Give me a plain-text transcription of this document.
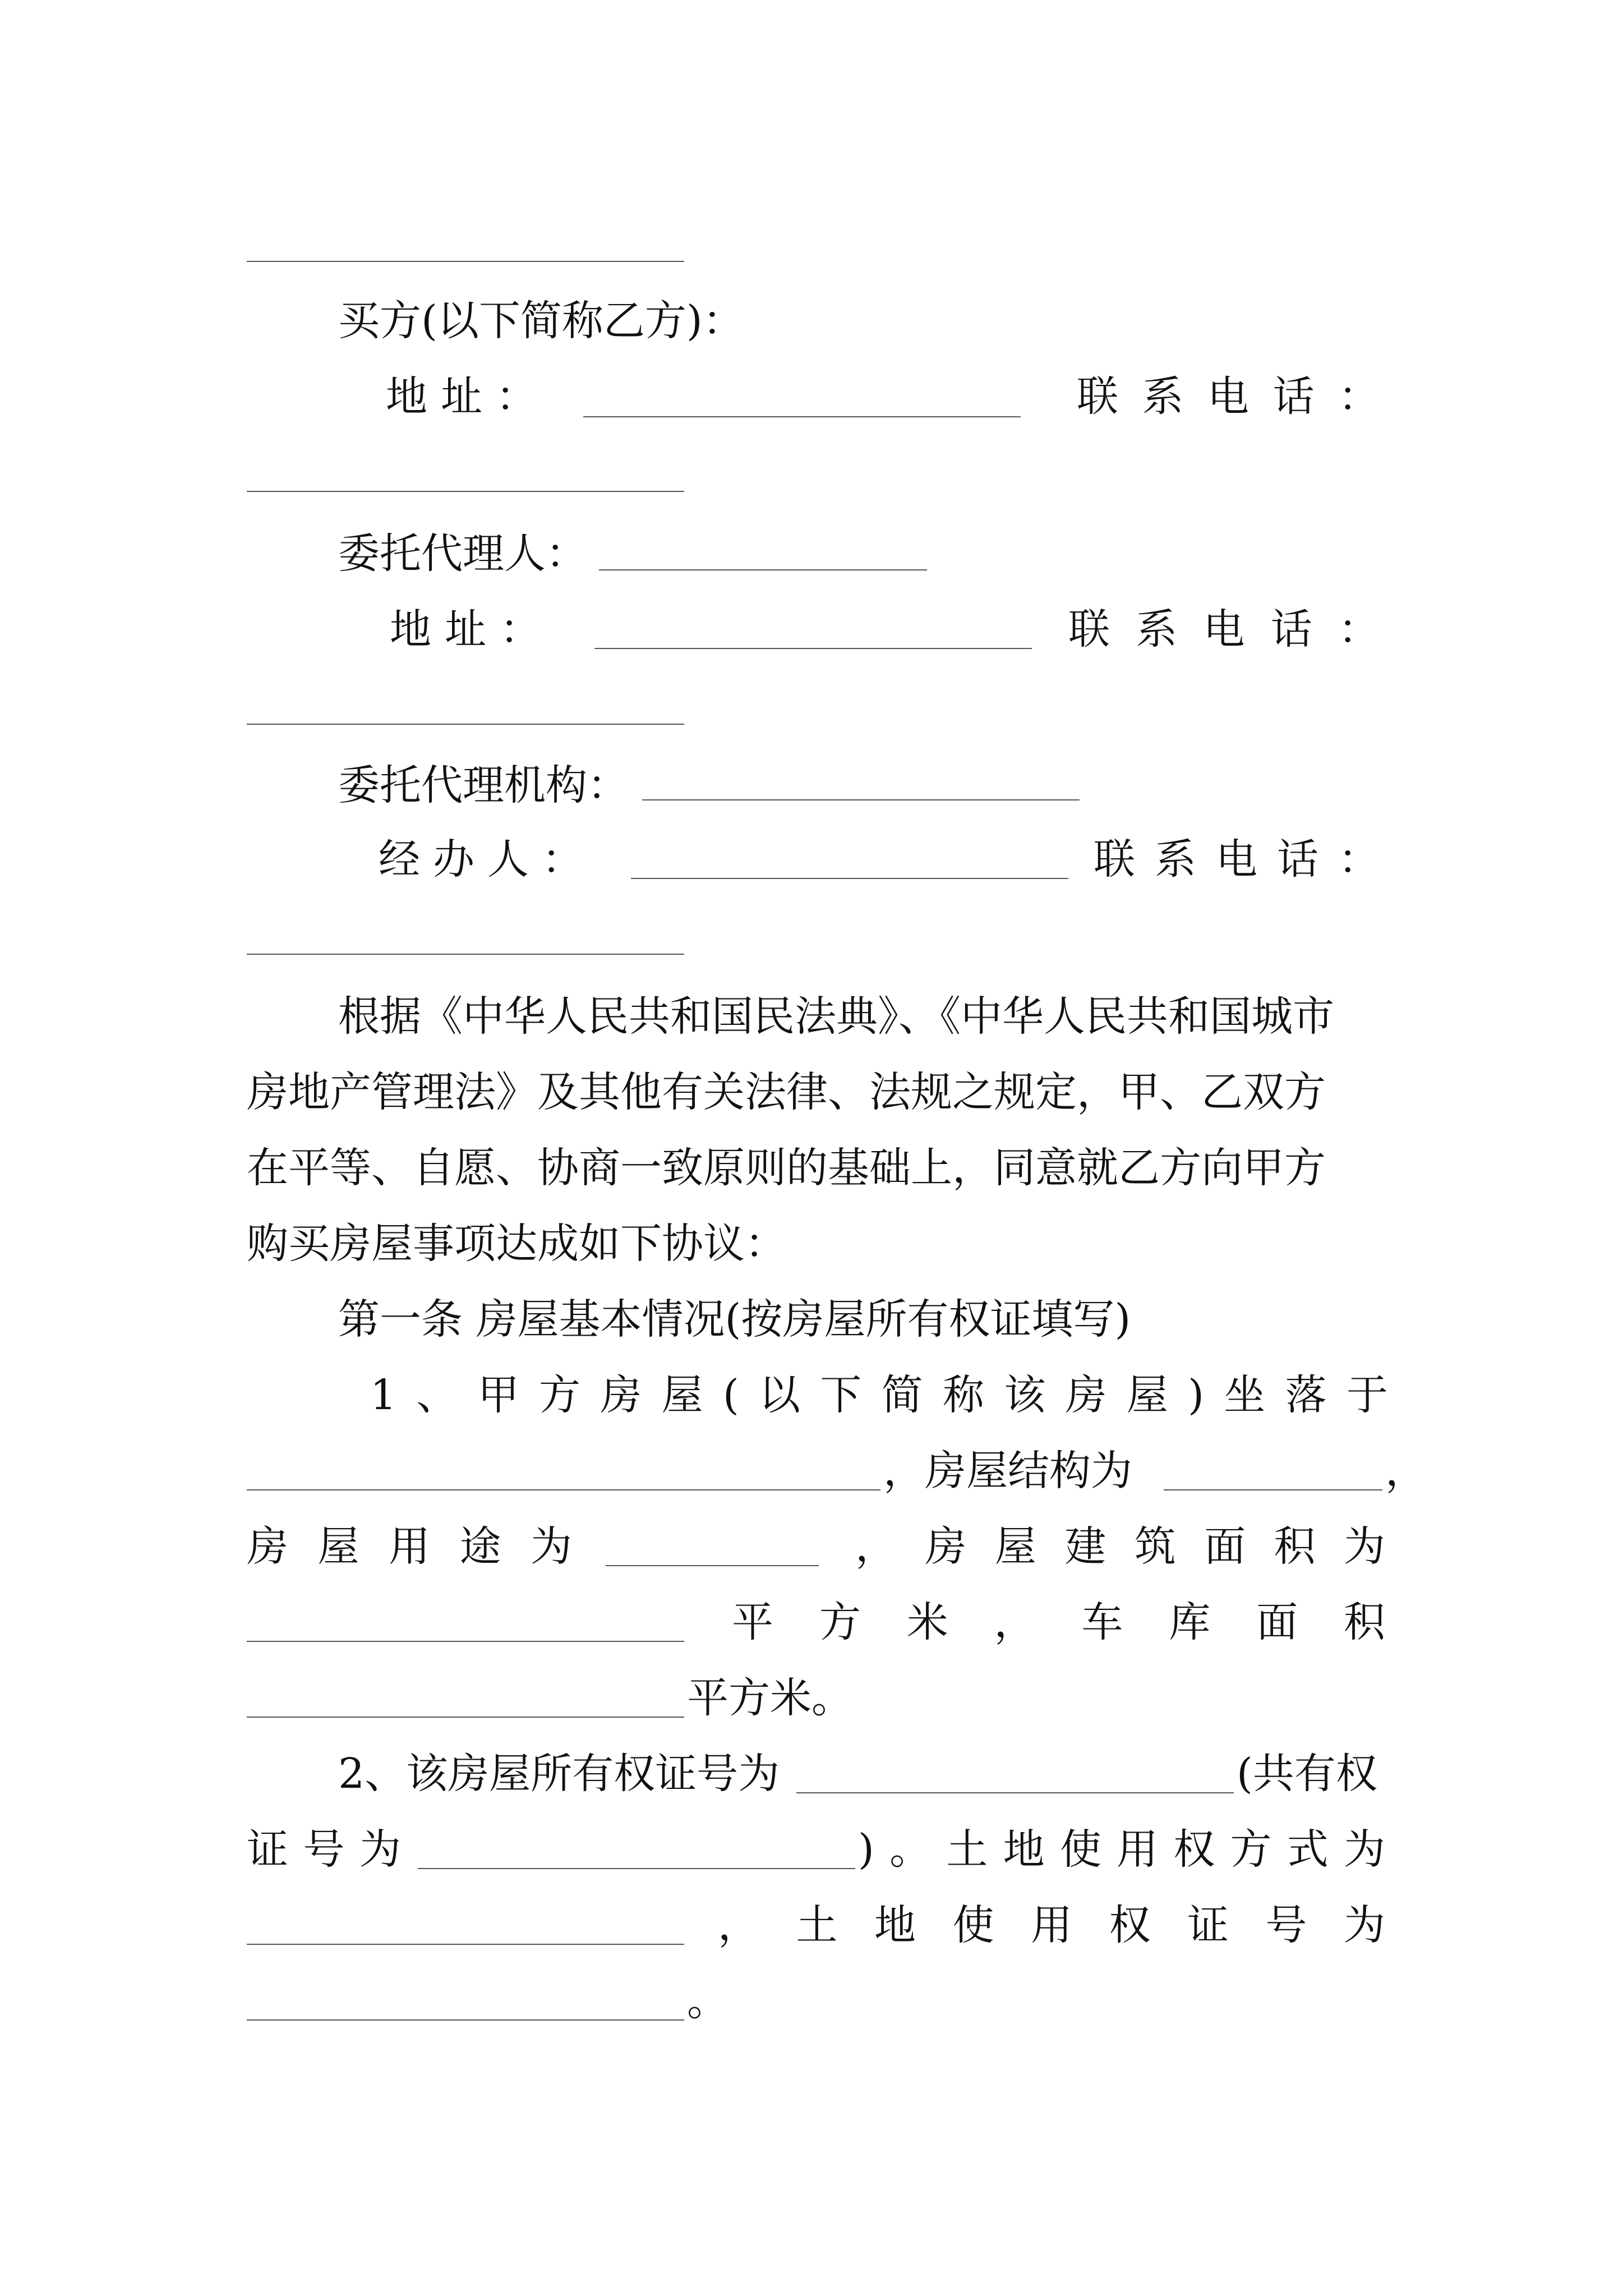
买方(以下简称乙方)：
地 址 ：	联 系 电 话 ：
委托代理人：
地 址 ：	联 系 电 话 ：
委托代理机构：
经 办 人 ：	联 系 电 话 ：
根据《中华人民共和国民法典》、《中华人民共和国城市
房地产管理法》及其他有关法律、法规之规定，甲、乙双方
在平等、自愿、协商一致原则的基础上，同意就乙方向甲方
购买房屋事项达成如下协议：
第一条 房屋基本情况(按房屋所有权证填写)
1 、 甲 方 房 屋 ( 以 下 简 称 该 房 屋 ) 坐 落 于
，房屋结构为	，
房 屋 用 途 为	， 房 屋 建 筑 面 积 为
平 方 米 ， 车 库 面 积
平方米。
2、该房屋所有权证号为	(共有权
证 号 为	) 。 土 地 使 用 权 方 式 为
， 土 地 使 用 权 证 号 为
。
